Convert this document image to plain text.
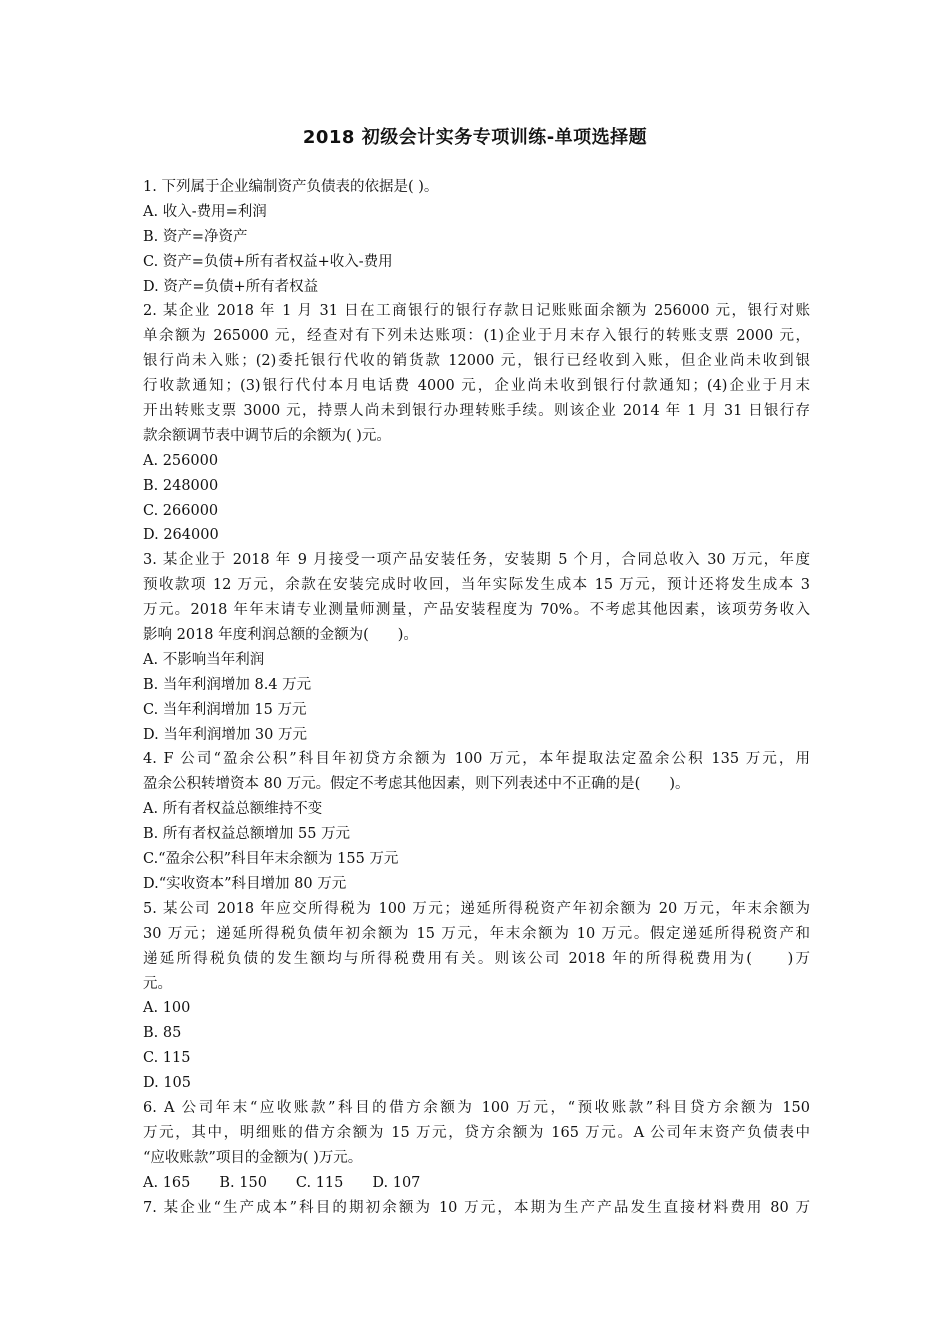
2018 初级会计实务专项训练-单项选择题
1. 下列属于企业编制资产负债表的依据是( )。
A. 收入-费用=利润
B. 资产=净资产
C. 资产=负债+所有者权益+收入-费用
D. 资产=负债+所有者权益
2. 某企业 2018 年 1 月 31 日在工商银行的银行存款日记账账面余额为 256000 元，银行对账
单余额为 265000 元，经查对有下列未达账项：(1)企业于月末存入银行的转账支票 2000 元，
银行尚未入账；(2)委托银行代收的销货款 12000 元，银行已经收到入账，但企业尚未收到银
行收款通知；(3)银行代付本月电话费 4000 元，企业尚未收到银行付款通知；(4)企业于月末
开出转账支票 3000 元，持票人尚未到银行办理转账手续。则该企业 2014 年 1 月 31 日银行存
款余额调节表中调节后的余额为( )元。
A. 256000
B. 248000
C. 266000
D. 264000
3. 某企业于 2018 年 9 月接受一项产品安装任务，安装期 5 个月，合同总收入 30 万元，年度
预收款项 12 万元，余款在安装完成时收回，当年实际发生成本 15 万元，预计还将发生成本 3
万元。2018 年年末请专业测量师测量，产品安装程度为 70%。不考虑其他因素，该项劳务收入
影响 2018 年度利润总额的金额为(　　)。
A. 不影响当年利润
B. 当年利润增加 8.4 万元
C. 当年利润增加 15 万元
D. 当年利润增加 30 万元
4. F 公司“盈余公积”科目年初贷方余额为 100 万元，本年提取法定盈余公积 135 万元，用
盈余公积转增资本 80 万元。假定不考虑其他因素，则下列表述中不正确的是(　　)。
A. 所有者权益总额维持不变
B. 所有者权益总额增加 55 万元
C.“盈余公积”科目年末余额为 155 万元
D.“实收资本”科目增加 80 万元
5. 某公司 2018 年应交所得税为 100 万元；递延所得税资产年初余额为 20 万元，年末余额为
30 万元；递延所得税负债年初余额为 15 万元，年末余额为 10 万元。假定递延所得税资产和
递延所得税负债的发生额均与所得税费用有关。则该公司 2018 年的所得税费用为(　　)万
元。
A. 100
B. 85
C. 115
D. 105
6. A 公司年末“应收账款”科目的借方余额为 100 万元，“预收账款”科目贷方余额为 150
万元，其中，明细账的借方余额为 15 万元，贷方余额为 165 万元。A 公司年末资产负债表中
“应收账款”项目的金额为( )万元。
A. 165　　B. 150　　C. 115　　D. 107
7. 某企业“生产成本”科目的期初余额为 10 万元，本期为生产产品发生直接材料费用 80 万
